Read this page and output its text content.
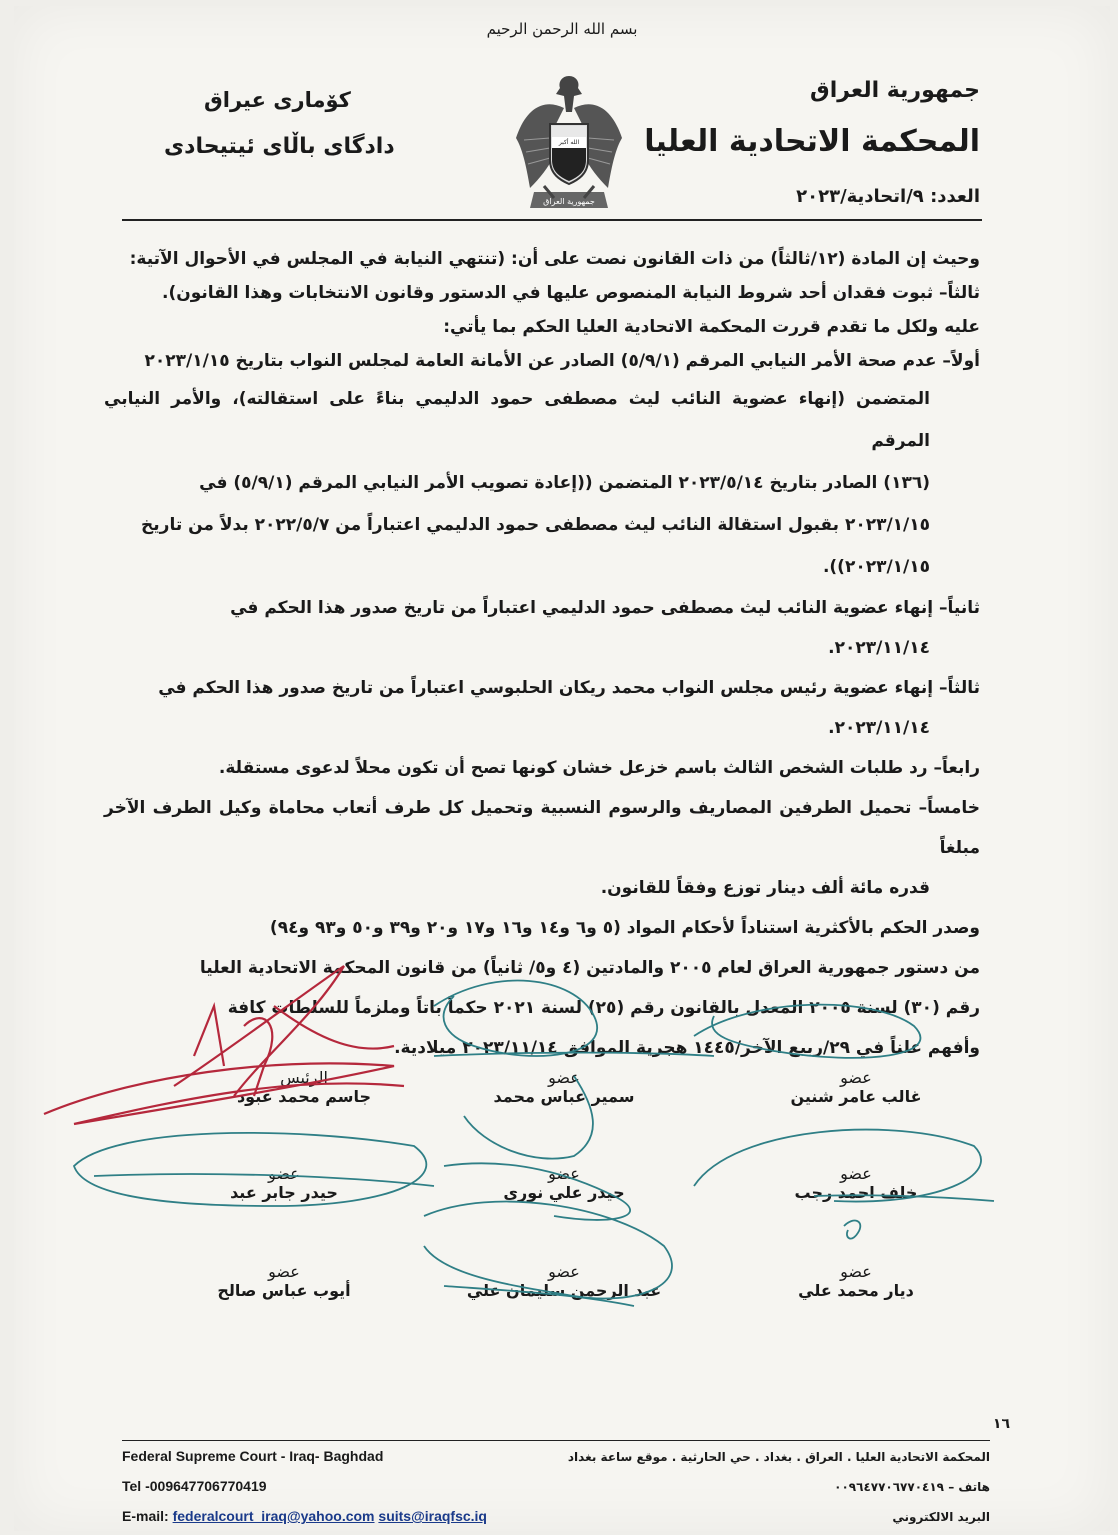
بسم الله الرحمن الرحيم
جمهورية العراق
المحكمة الاتحادية العليا
العدد: ٩/اتحادية/٢٠٢٣
كۆمارى عيراق
دادگاى باڵاى ئيتيحادى
جمهورية العراق
الله أكبر

وحيث إن المادة (١٢/ثالثاً) من ذات القانون نصت على أن: (تنتهي النيابة في المجلس في الأحوال الآتية:

ثالثاً– ثبوت فقدان أحد شروط النيابة المنصوص عليها في الدستور وقانون الانتخابات وهذا القانون).

عليه ولكل ما تقدم قررت المحكمة الاتحادية العليا الحكم بما يأتي:

أولاً– عدم صحة الأمر النيابي المرقم (٥/٩/١) الصادر عن الأمانة العامة لمجلس النواب بتاريخ ٢٠٢٣/١/١٥

المتضمن (إنهاء عضوية النائب ليث مصطفى حمود الدليمي بناءً على استقالته)، والأمر النيابي المرقم

(١٣٦) الصادر بتاريخ ٢٠٢٣/٥/١٤ المتضمن ((إعادة تصويب الأمر النيابي المرقم (٥/٩/١) في

٢٠٢٣/١/١٥ بقبول استقالة النائب ليث مصطفى حمود الدليمي اعتباراً من ٢٠٢٢/٥/٧ بدلاً من تاريخ

٢٠٢٣/١/١٥)).

ثانياً– إنهاء عضوية النائب ليث مصطفى حمود الدليمي اعتباراً من تاريخ صدور هذا الحكم في

٢٠٢٣/١١/١٤.

ثالثاً– إنهاء عضوية رئيس مجلس النواب محمد ريكان الحلبوسي اعتباراً من تاريخ صدور هذا الحكم في

٢٠٢٣/١١/١٤.

رابعاً– رد طلبات الشخص الثالث باسم خزعل خشان كونها تصح أن تكون محلاً لدعوى مستقلة.

خامساً– تحميل الطرفين المصاريف والرسوم النسبية وتحميل كل طرف أتعاب محاماة وكيل الطرف الآخر مبلغاً

قدره مائة ألف دينار توزع وفقاً للقانون.

وصدر الحكم بالأكثرية استناداً لأحكام المواد (٥ و٦ و١٤ و١٦ و١٧ و٢٠ و٣٩ و٥٠ و٩٣ و٩٤)

من دستور جمهورية العراق لعام ٢٠٠٥ والمادتين (٤ و٥/ ثانياً) من قانون المحكمة الاتحادية العليا

رقم (٣٠) لسنة ٢٠٠٥ المعدل بالقانون رقم (٢٥) لسنة ٢٠٢١ حكماً باتاً وملزماً للسلطات كافة

وأفهم علناً في ٢٩/ربيع الآخر/١٤٤٥ هجرية الموافق ٢٠٢٣/١١/١٤ ميلادية.

الرئيس
جاسم محمد عبود
عضو
سمير عباس محمد
عضو
غالب عامر شنين
عضو
حيدر جابر عبد
عضو
حيدر علي نوري
عضو
خلف احمد رجب
عضو
أيوب عباس صالح
عضو
عبد الرحمن سليمان علي
عضو
ديار محمد علي
١٦
Federal Supreme Court - Iraq- Baghdad
Tel -009647706770419
E-mail: federalcourt_iraq@yahoo.com suits@iraqfsc.iq
المحكمة الاتحادية العليا . العراق . بغداد . حي الحارثية . موقع ساعة بغداد
هاتف – ٠٠٩٦٤٧٧٠٦٧٧٠٤١٩
البريد الالكتروني
